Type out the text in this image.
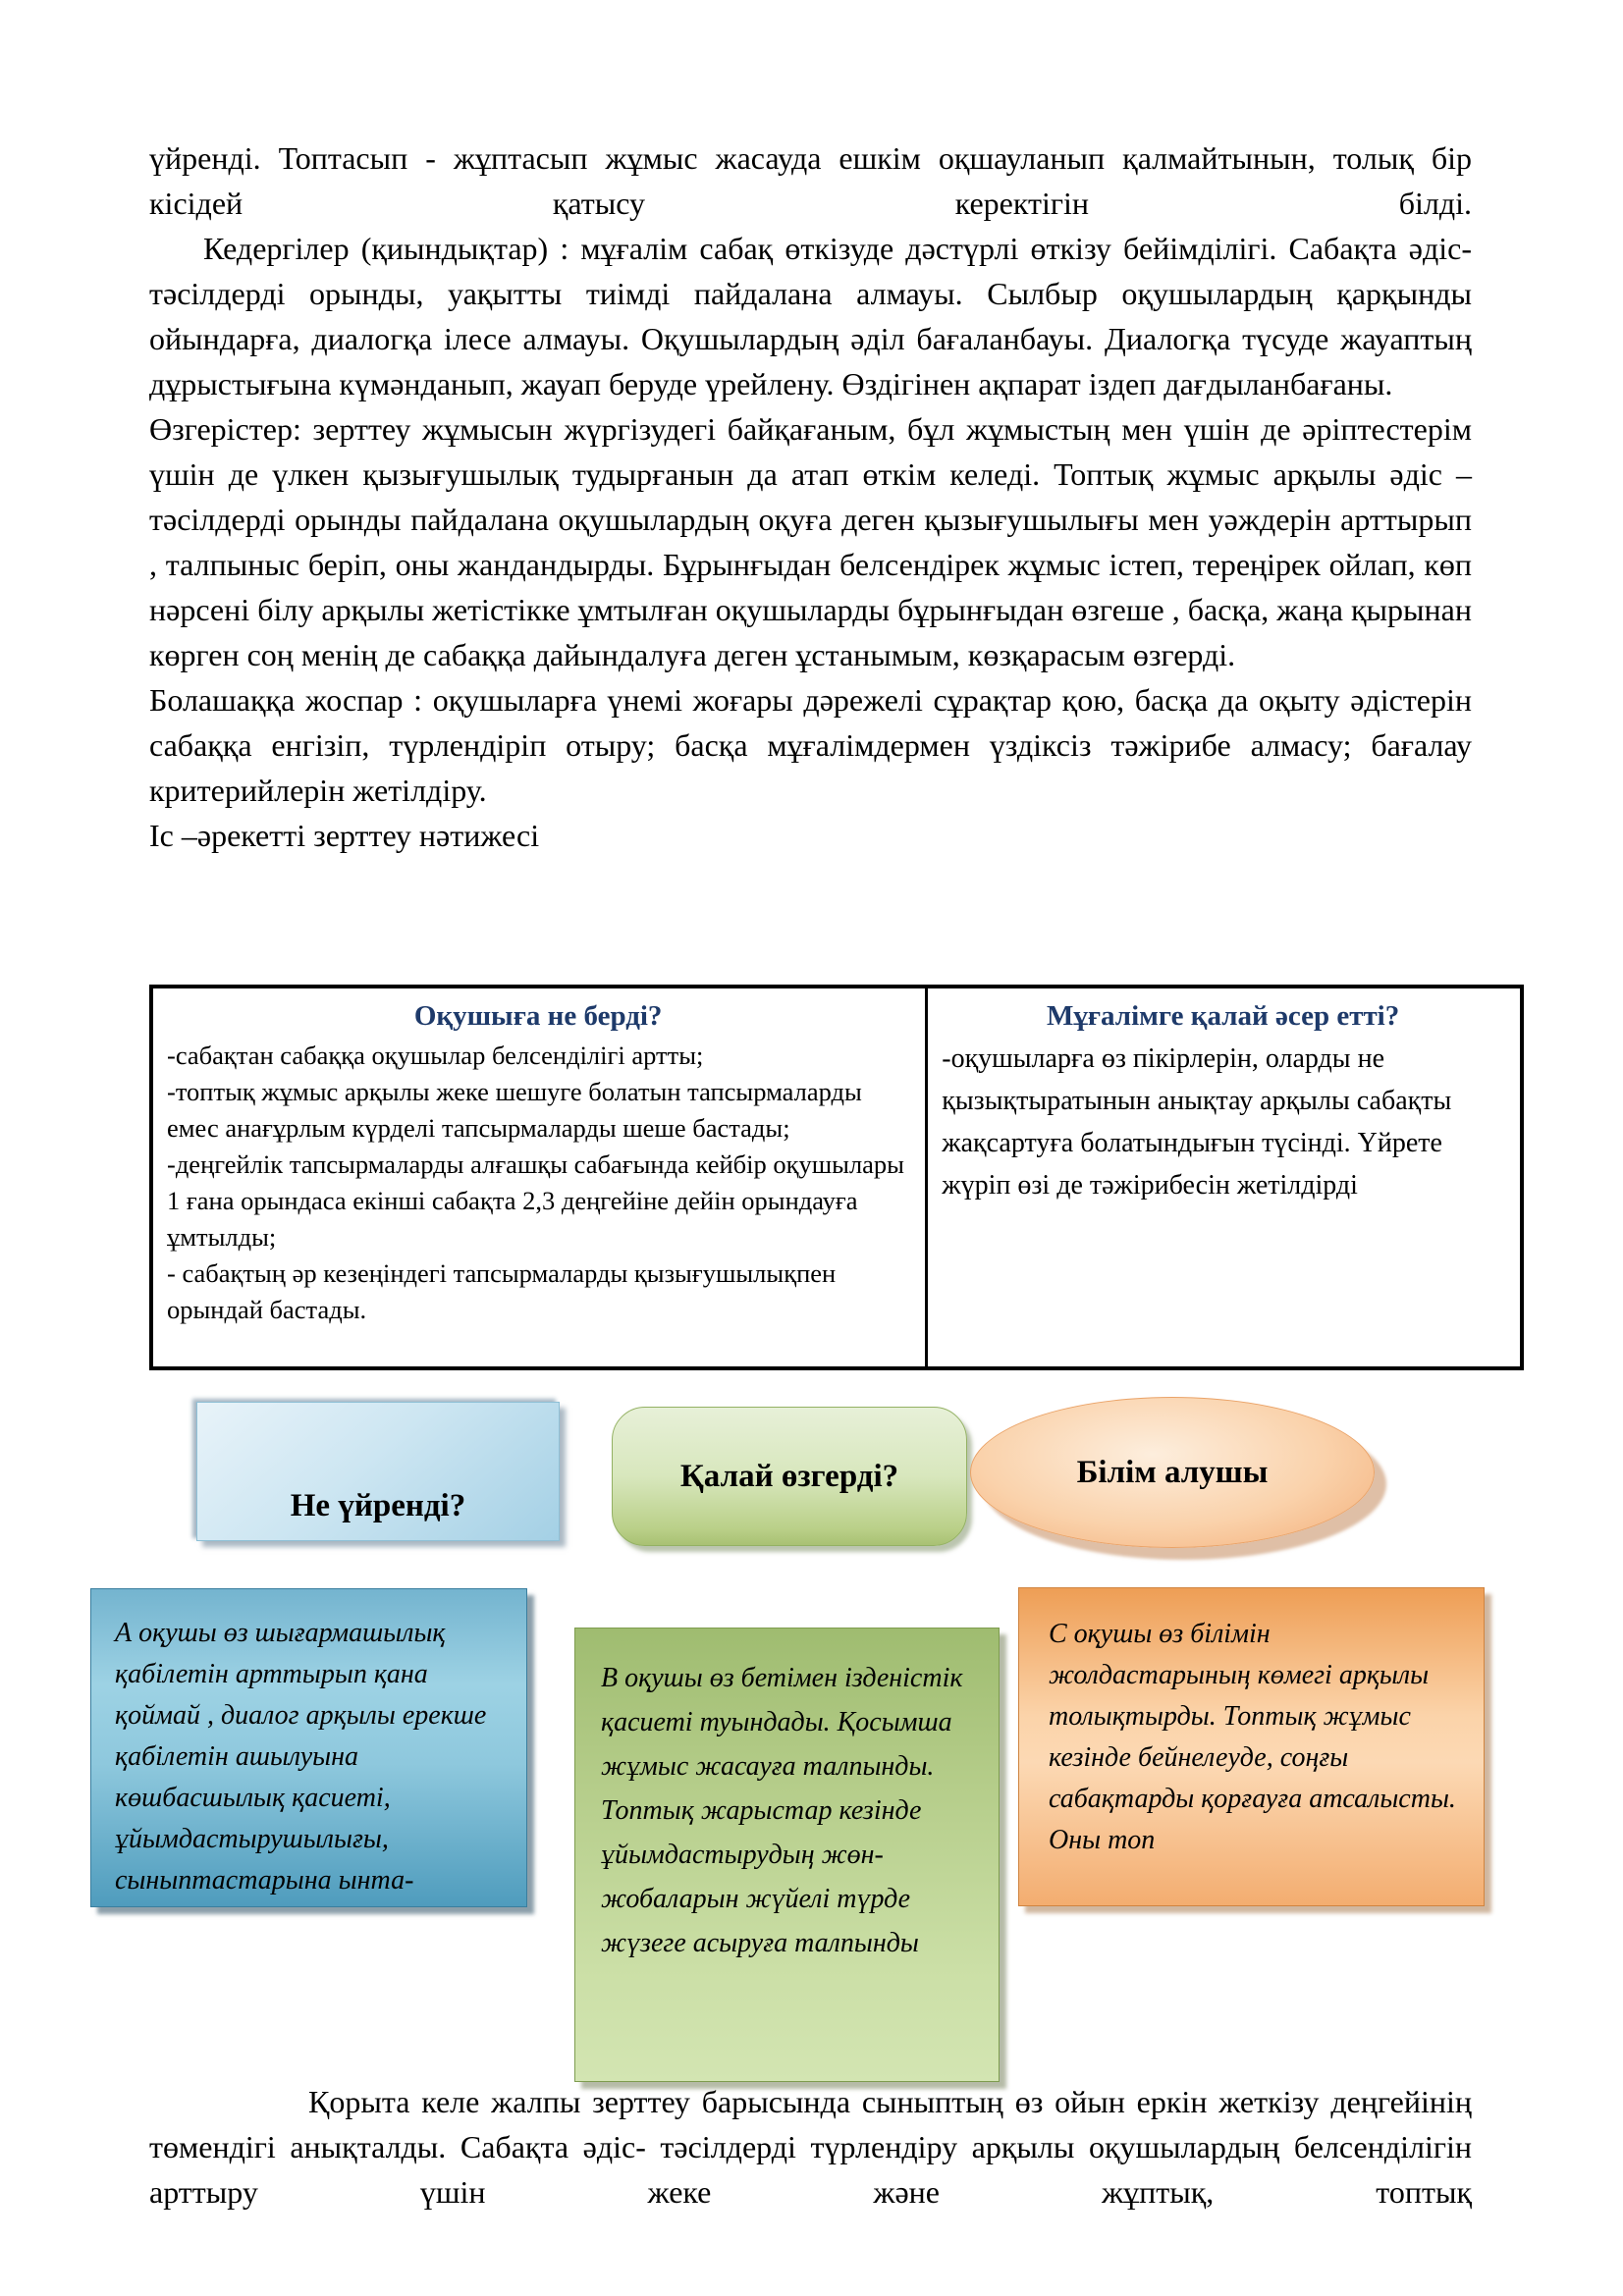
үйренді. Топтасып - жұптасып жұмыс жасауда ешкім оқшауланып қалмайтынын, толық бір кісідей қатысу керектігін білді.

Кедергілер (қиындықтар) : мұғалім сабақ өткізуде дәстүрлі өткізу бейімділігі. Сабақта әдіс- тәсілдерді орынды, уақытты тиімді пайдалана алмауы. Сылбыр оқушылардың қарқынды ойындарға, диалогқа ілесе алмауы. Оқушылардың әділ бағаланбауы. Диалогқа түсуде жауаптың дұрыстығына күмәнданып, жауап беруде үрейлену. Өздігінен ақпарат іздеп дағдыланбағаны.

Өзгерістер: зерттеу жұмысын жүргізудегі байқағаным, бұл жұмыстың мен үшін де әріптестерім үшін де үлкен қызығушылық тудырғанын да атап өткім келеді. Топтық жұмыс арқылы әдіс – тәсілдерді орынды пайдалана оқушылардың оқуға деген қызығушылығы мен уәждерін арттырып , талпыныс беріп, оны жандандырды. Бұрынғыдан белсендірек жұмыс істеп, тереңірек ойлап, көп нәрсені білу арқылы жетістікке ұмтылған оқушыларды бұрынғыдан өзгеше , басқа, жаңа қырынан көрген соң менің де сабаққа дайындалуға деген ұстанымым, көзқарасым өзгерді.

Болашаққа жоспар : оқушыларға үнемі жоғары дәрежелі сұрақтар қою, басқа да оқыту әдістерін сабаққа енгізіп, түрлендіріп отыру; басқа мұғалімдермен үздіксіз тәжірибе алмасу; бағалау критерийлерін жетілдіру.

Іс –әрекетті зерттеу нәтижесі

Оқушыға не берді?
-сабақтан сабаққа оқушылар белсенділігі артты;
-топтық жұмыс арқылы жеке шешуге болатын тапсырмаларды емес анағұрлым күрделі тапсырмаларды шеше бастады;
-деңгейлік тапсырмаларды алғашқы сабағында кейбір оқушылары 1 ғана орындаса екінші сабақта 2,3 деңгейіне дейін орындауға ұмтылды;
- сабақтың әр кезеңіндегі тапсырмаларды қызығушылықпен орындай бастады.
Мұғалімге қалай әсер етті?
-оқушыларға өз пікірлерін, оларды не қызықтыратынын анықтау арқылы сабақты жақсартуға болатындығын түсінді. Үйрете жүріп өзі де тәжірибесін жетілдірді
Не үйренді?
Қалай өзгерді?	Білім алушы
А оқушы өз шығармашылық қабілетін арттырып қана қоймай , диалог арқылы ерекше қабілетін ашылуына көшбасшылық қасиеті, ұйымдастырушылығы, сыныптастарына ынта-
В оқушы өз бетімен ізденістік қасиеті туындады. Қосымша жұмыс жасауға талпынды. Топтық жарыстар кезінде ұйымдастырудың жөн-жобаларын жүйелі түрде жүзеге асыруға талпынды
С оқушы өз білімін жолдастарының көмегі арқылы толықтырды. Топтық жұмыс кезінде бейнелеуде, соңғы сабақтарды қорғауға атсалысты. Оны топ

Қорыта келе жалпы зерттеу барысында сыныптың өз ойын еркін жеткізу деңгейінің төмендігі анықталды. Сабақта әдіс- тәсілдерді түрлендіру арқылы оқушылардың белсенділігін арттыру үшін жеке және жұптық, топтық
